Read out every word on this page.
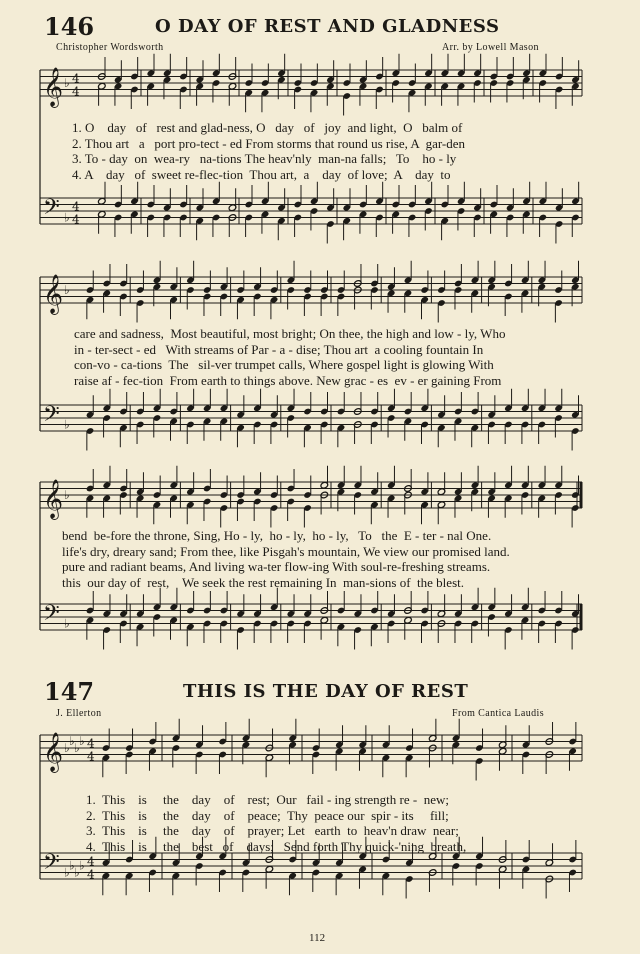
146	O DAY OF REST AND GLADNESS
Christopher Wordsworth	Arr. by Lowell Mason
𝄞 ♭ 4
4
𝄢 ♭
4
4
𝄞 ♭
𝄢 ♭
𝄞 ♭
𝄢 ♭
𝄞 ♭
♭
♭
♭ 4
4
𝄢 ♭
♭
♭
♭ 4
4
1. O    day   of   rest and glad-ness, O   day   of   joy  and light,  O   balm of
2. Thou art   a   port pro-tect - ed From storms that round us rise, A  gar-den
3. To - day  on  wea-ry   na-tions The heav'nly  man-na falls;   To    ho - ly
4. A    day   of  sweet re-flec-tion  Thou art,  a    day  of love;  A    day  to
care and sadness,  Most beautiful, most bright; On thee, the high and low - ly, Who
in - ter-sect - ed   With streams of Par - a - dise; Thou art  a cooling fountain In
con-vo - ca-tions  The   sil-ver trumpet calls, Where gospel light is glowing With
raise af - fec-tion  From earth to things above. New grac - es  ev - er gaining From
bend  be-fore the throne, Sing, Ho - ly,  ho - ly,  ho - ly,   To   the  E - ter - nal One.
life's dry, dreary sand; From thee, like Pisgah's mountain, We view our promised land.
pure and radiant beams, And living wa-ter flow-ing With soul-re-freshing streams.
this  our day of  rest,    We seek the rest remaining In  man-sions of  the blest.
147	THIS IS THE DAY OF REST
J. Ellerton	From Cantica Laudis
1.  This    is     the    day    of    rest;  Our   fail - ing strength re -  new;
2.  This    is     the    day    of    peace;  Thy  peace our  spir - its     fill;
3.  This    is     the    day    of    prayer; Let   earth  to  heav'n draw  near;
4.  This    is     the    best   of    days;   Send forth Thy quick-'ning  breath,
112
